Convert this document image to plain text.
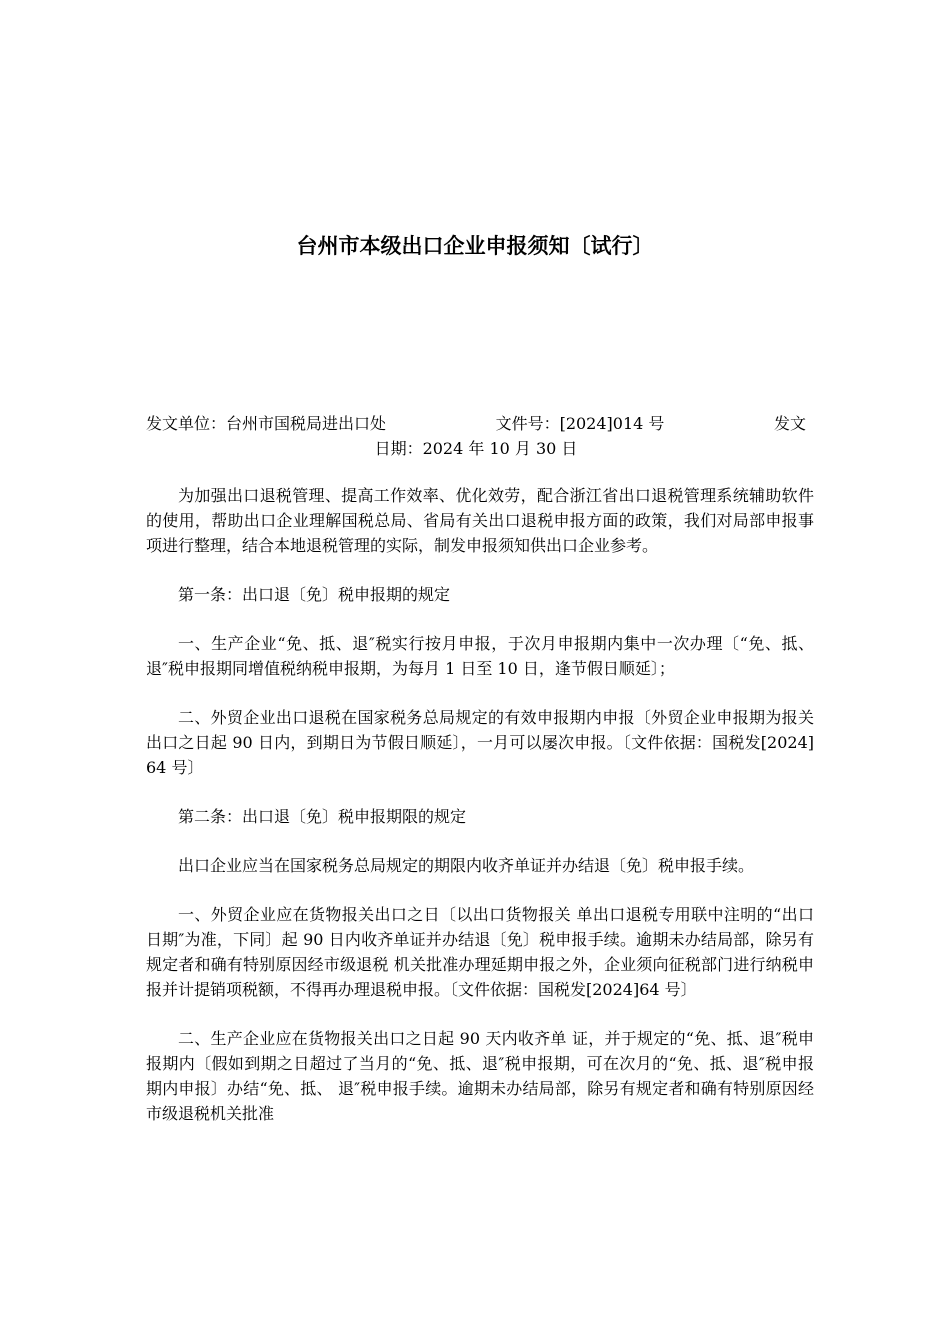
台州市本级出口企业申报须知〔试行〕
发文单位：台州市国税局进出口处	文件号：[2024]014 号	发文
日期：2024 年 10 月 30 日

为加强出口退税管理、提高工作效率、优化效劳，配合浙江省出口退税管理系统辅助软件的使用，帮助出口企业理解国税总局、省局有关出口退税申报方面的政策，我们对局部申报事项进行整理，结合本地退税管理的实际，制发申报须知供出口企业参考。

第一条：出口退〔免〕税申报期的规定

一、生产企业“免、抵、退″税实行按月申报，于次月申报期内集中一次办理〔“免、抵、退″税申报期同增值税纳税申报期，为每月 1 日至 10 日，逢节假日顺延〕；

二、外贸企业出口退税在国家税务总局规定的有效申报期内申报〔外贸企业申报期为报关出口之日起 90 日内，到期日为节假日顺延〕，一月可以屡次申报。〔文件依据：国税发[2024]64 号〕

第二条：出口退〔免〕税申报期限的规定

出口企业应当在国家税务总局规定的期限内收齐单证并办结退〔免〕税申报手续。

一、外贸企业应在货物报关出口之日〔以出口货物报关 单出口退税专用联中注明的“出口日期″为准，下同〕起 90 日内收齐单证并办结退〔免〕税申报手续。逾期未办结局部，除另有规定者和确有特别原因经市级退税 机关批准办理延期申报之外，企业须向征税部门进行纳税申报并计提销项税额，不得再办理退税申报。〔文件依据：国税发[2024]64 号〕

二、生产企业应在货物报关出口之日起 90 天内收齐单 证，并于规定的“免、抵、退″税申报期内〔假如到期之日超过了当月的“免、抵、退″税申报期，可在次月的“免、抵、退″税申报期内申报〕办结“免、抵、 退″税申报手续。逾期未办结局部，除另有规定者和确有特别原因经市级退税机关批准
